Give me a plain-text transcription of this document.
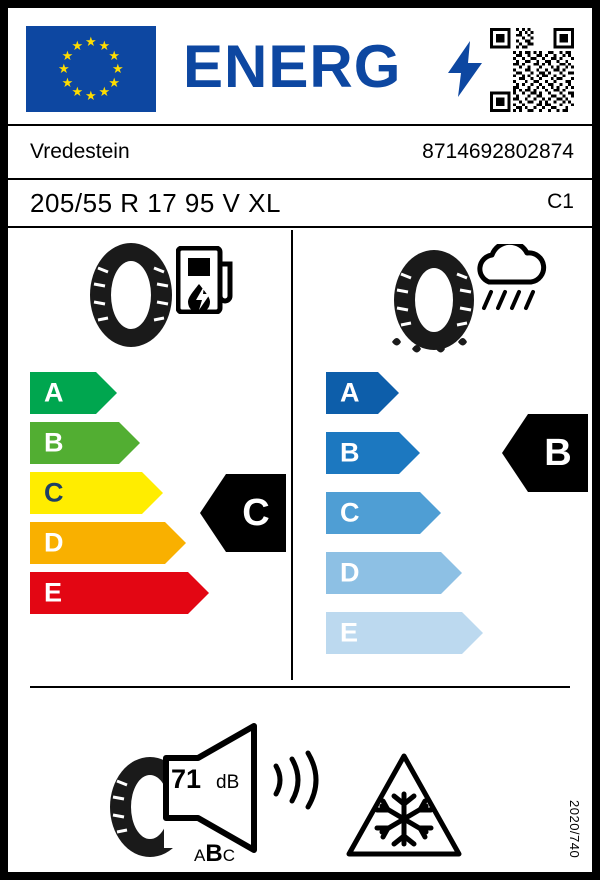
★ ★
★
★
★
★
★
★
★
★
★
★ ENERG
Vredestein	8714692802874
205/55 R 17 95 V XL	C1
A
B
C
D
E
C
A
B
C
D
E
B
71 dB
ABC	2020/740
